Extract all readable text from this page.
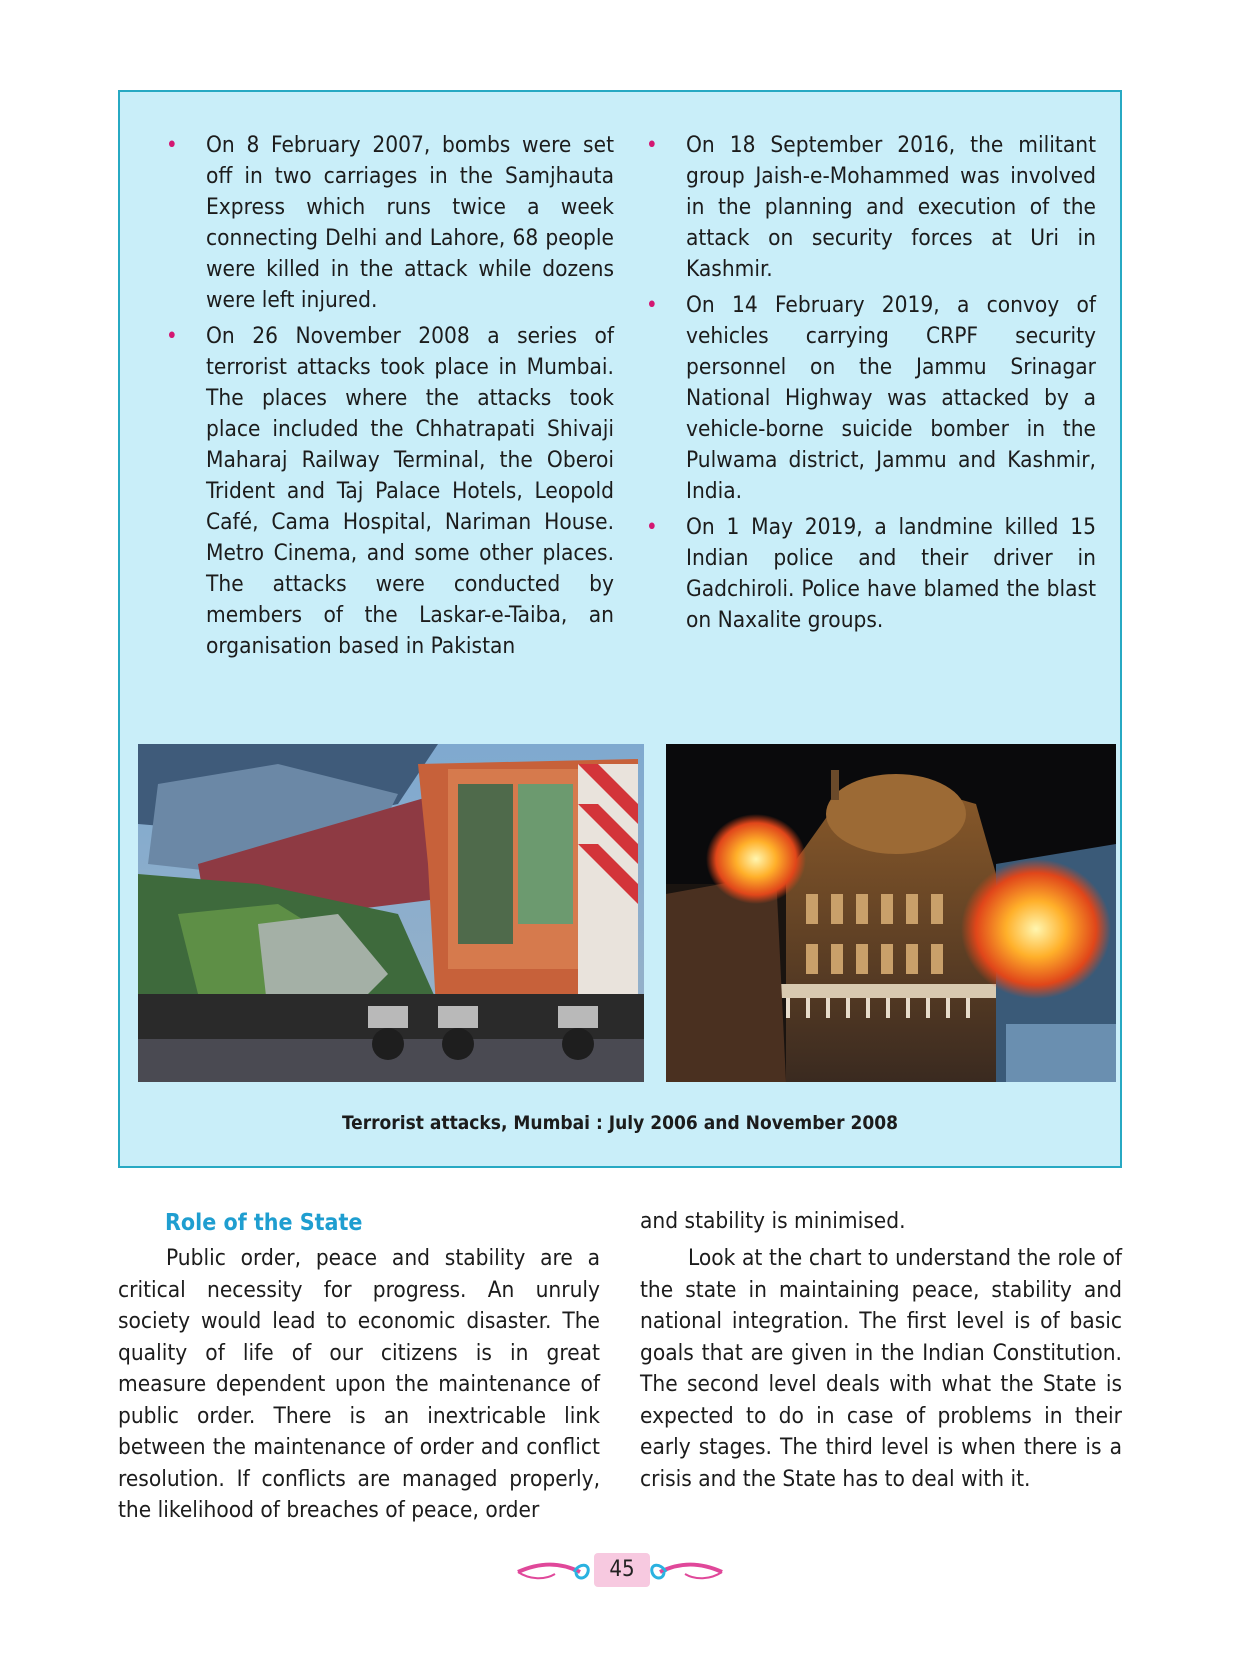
• On 8 February 2007, bombs were set off in two carriages in the Samjhauta Express which runs twice a week connecting Delhi and Lahore, 68 people were killed in the attack while dozens were left injured.
• On 26 November 2008 a series of terrorist attacks took place in Mumbai. The places where the attacks took place included the Chhatrapati Shivaji Maharaj Railway Terminal, the Oberoi Trident and Taj Palace Hotels, Leopold Café, Cama Hospital, Nariman House. Metro Cinema, and some other places. The attacks were conducted by members of the Laskar-e-Taiba, an organisation based in Pakistan
• On 18 September 2016, the militant group Jaish-e-Mohammed was involved in the planning and execution of the attack on security forces at Uri in Kashmir.
• On 14 February 2019, a convoy of vehicles carrying CRPF security personnel on the Jammu Srinagar National Highway was attacked by a vehicle-borne suicide bomber in the Pulwama district, Jammu and Kashmir, India.
• On 1 May 2019, a landmine killed 15 Indian police and their driver in Gadchiroli. Police have blamed the blast on Naxalite groups.
Terrorist attacks, Mumbai : July 2006 and November 2008
Role of the State

Public order, peace and stability are a critical necessity for progress. An unruly society would lead to economic disaster. The quality of life of our citizens is in great measure dependent upon the maintenance of public order. There is an inextricable link between the maintenance of order and conflict resolution. If conflicts are managed properly, the likelihood of breaches of peace, order

and stability is minimised.

Look at the chart to understand the role of the state in maintaining peace, stability and national integration. The first level is of basic goals that are given in the Indian Constitution. The second level deals with what the State is expected to do in case of problems in their early stages. The third level is when there is a crisis and the State has to deal with it.

45
